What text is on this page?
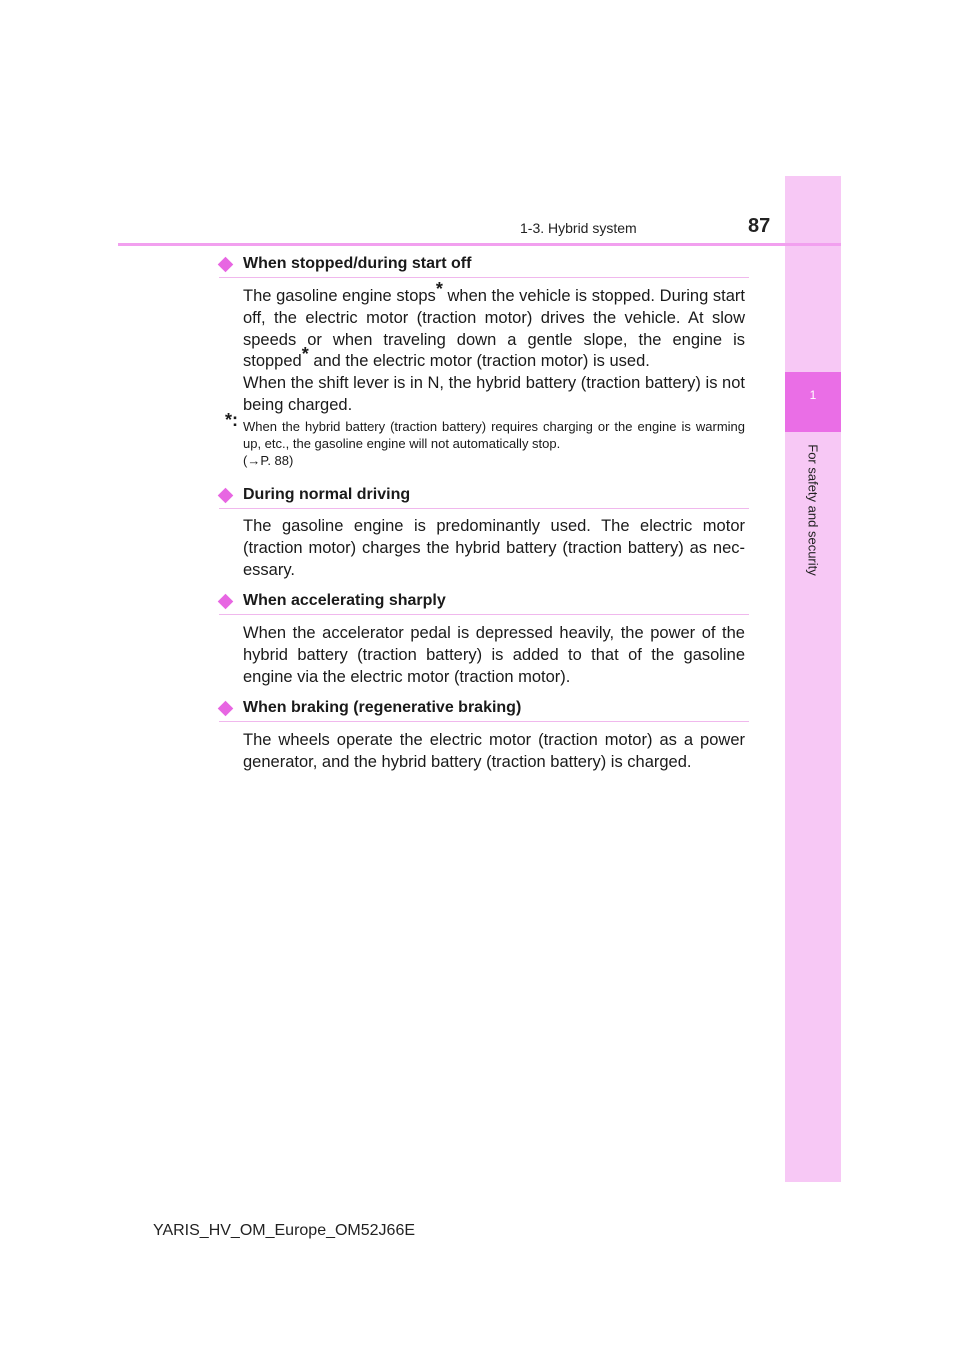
1
For safety and security
1-3. Hybrid system	87
When stopped/during start off
The gasoline engine stops* when the vehicle is stopped. During start off, the electric motor (traction motor) drives the vehicle. At slow speeds or when traveling down a gentle slope, the engine is stopped* and the electric motor (traction motor) is used.
When the shift lever is in N, the hybrid battery (traction battery) is not being charged.
*: When the hybrid battery (traction battery) requires charging or the engine is warming up, etc., the gasoline engine will not automatically stop.
(→P. 88)
During normal driving
The gasoline engine is predominantly used. The electric motor (traction motor) charges the hybrid battery (traction battery) as nec-essary.
When accelerating sharply
When the accelerator pedal is depressed heavily, the power of the hybrid battery (traction battery) is added to that of the gasoline engine via the electric motor (traction motor).
When braking (regenerative braking)
The wheels operate the electric motor (traction motor) as a power generator, and the hybrid battery (traction battery) is charged.
YARIS_HV_OM_Europe_OM52J66E
